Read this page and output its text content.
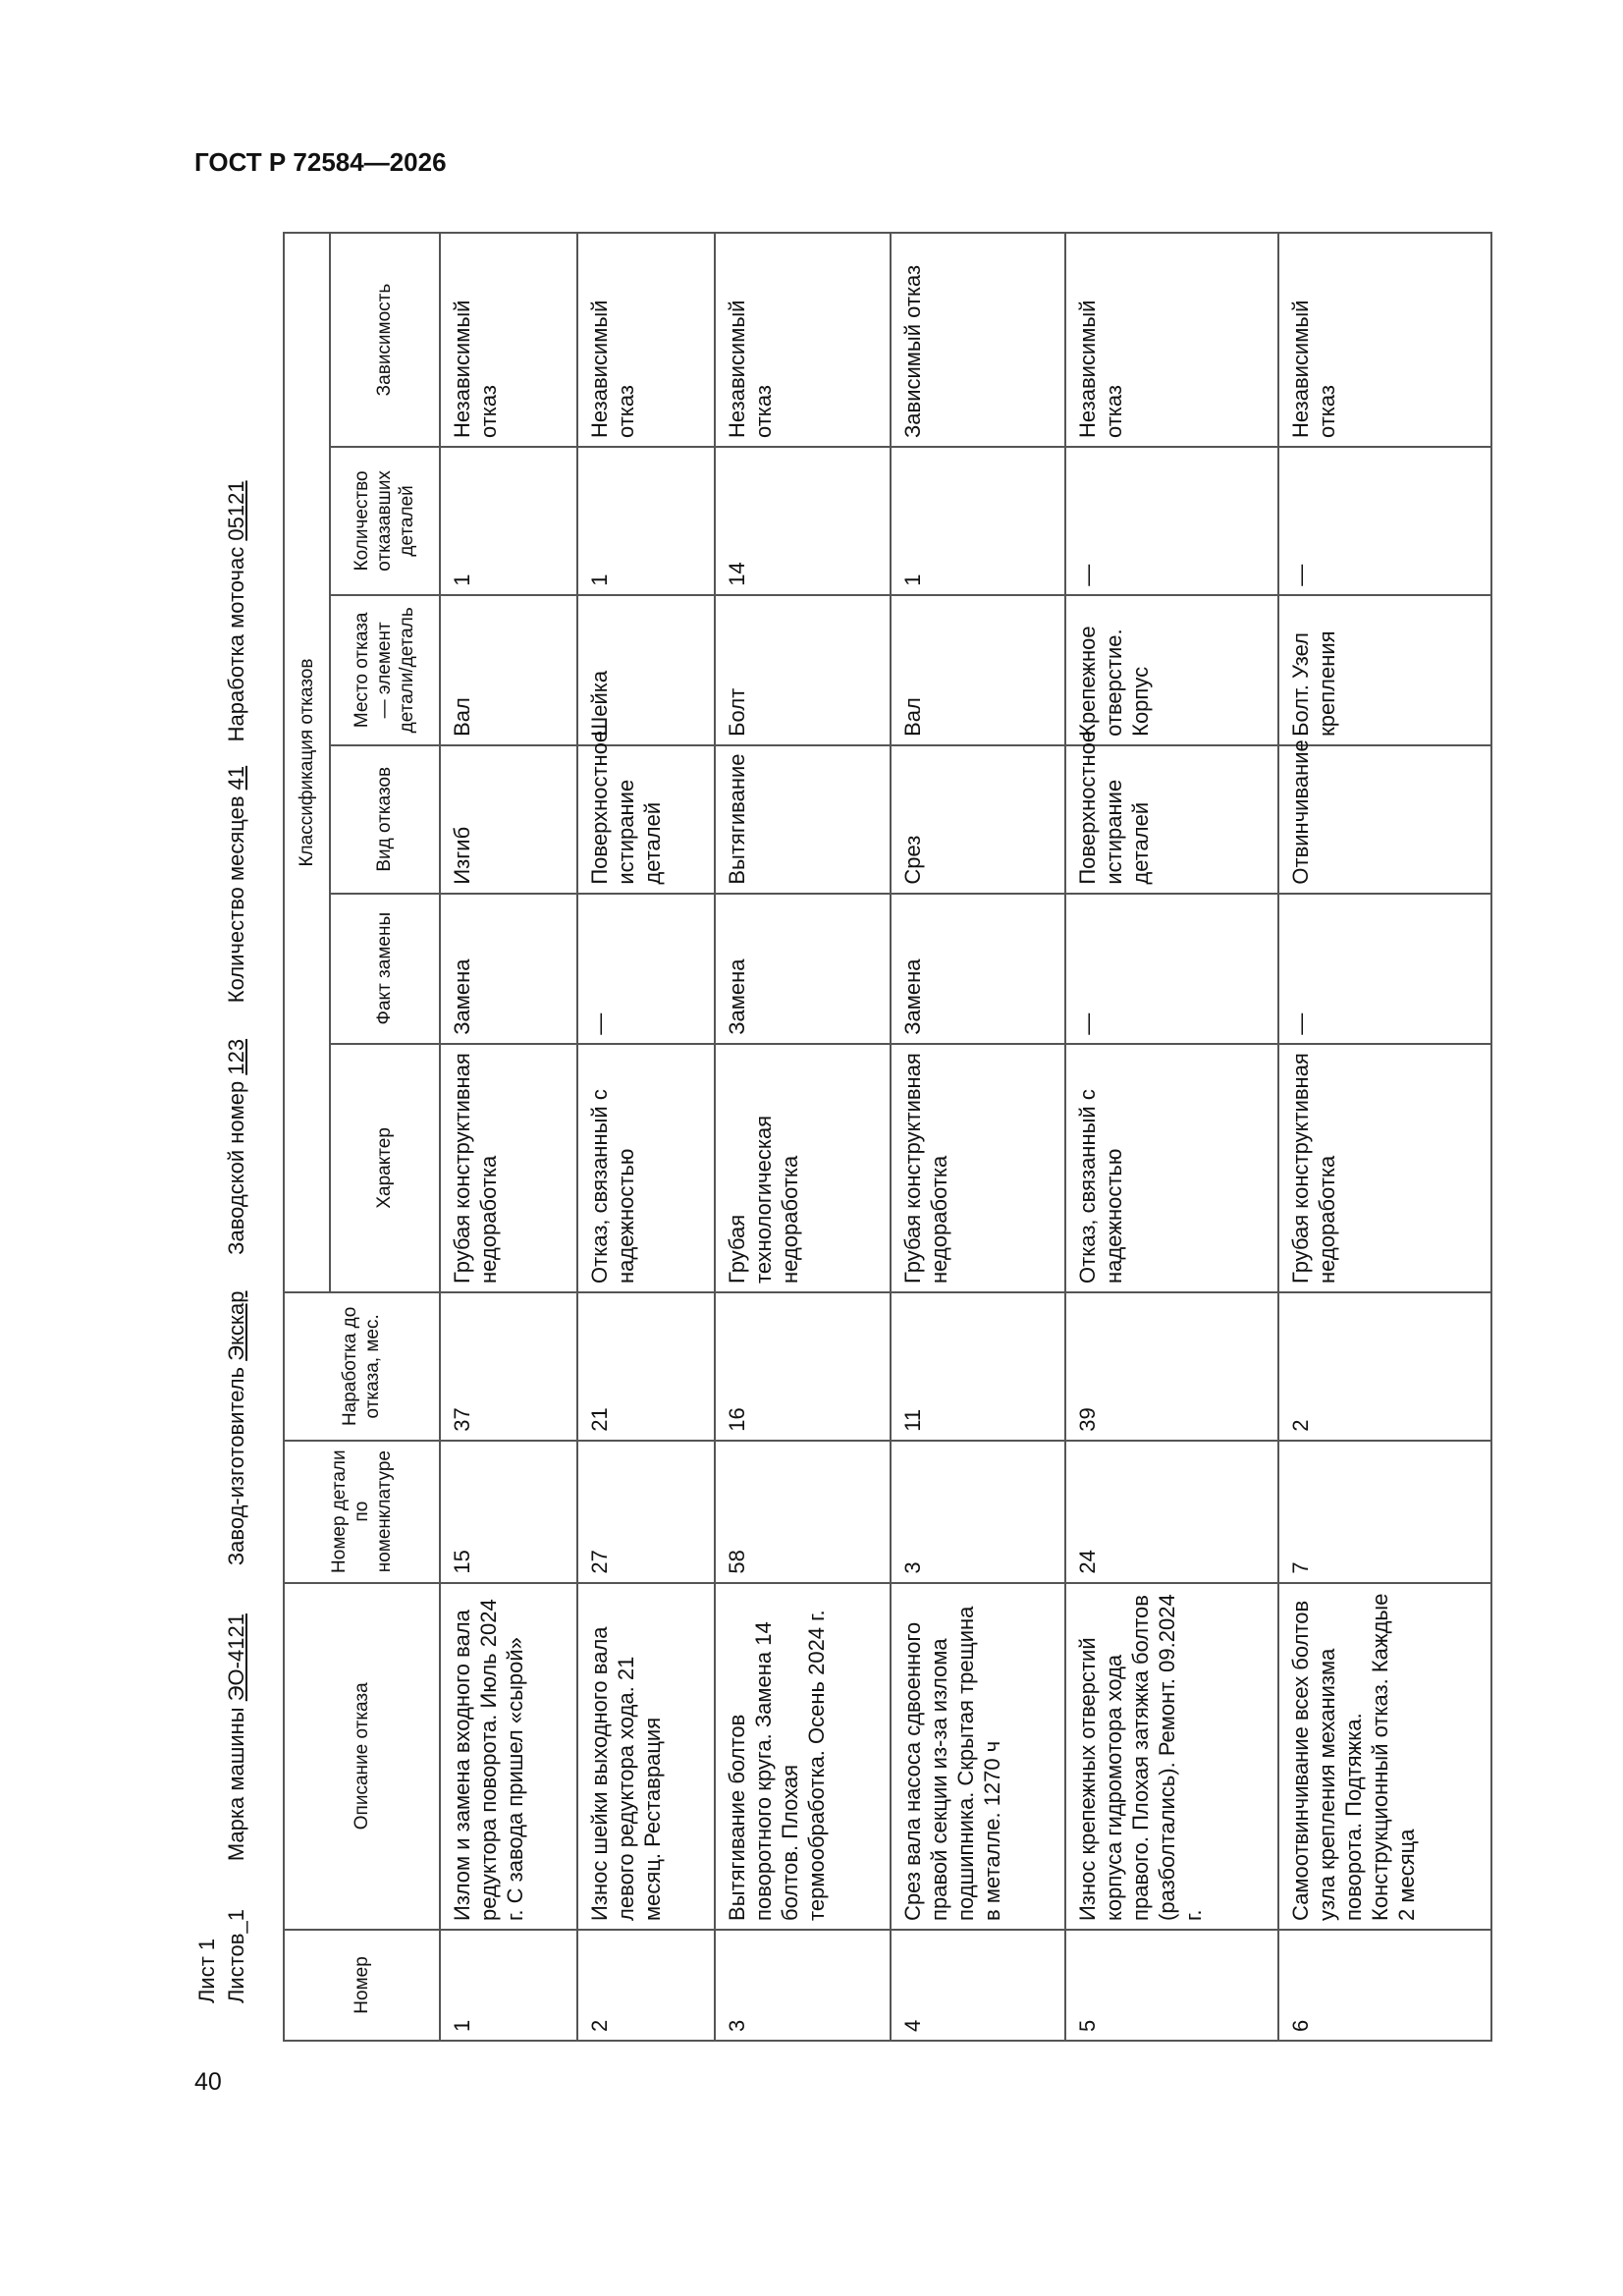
ГОСТ Р 72584—2026
40
Лист 1 Листов_1        Марка машины ЭО-4121        Завод-изготовитель Экскар      Заводской номер 123      Количество месяцев 41    Наработка моточас 05121
Номер	Описание отказа	Номер детали по номенклатуре	Наработка до отказа, мес.	Классификация отказов					
				Характер	Факт замены	Вид отказов	Место отказа — элемент детали/деталь	Количество отказавших деталей	Зависимость
1	Излом и замена входного вала редуктора поворота. Июль 2024 г. С завода пришел «сырой»	15	37	Грубая конструктивная недоработка	Замена	Изгиб	Вал	1	Независимый отказ
2	Износ шейки выходного вала левого редуктора хода. 21 месяц. Реставрация	27	21	Отказ, связанный с надежностью	—	Поверхностное истирание деталей	Шейка	1	Независимый отказ
3	Вытягивание болтов поворотного круга. Замена 14 болтов. Плохая термообработка. Осень 2024 г.	58	16	Грубая технологическая недоработка	Замена	Вытягивание	Болт	14	Независимый отказ
4	Срез вала насоса сдвоенного правой секции из-за излома подшипника. Скрытая трещина в металле. 1270 ч	3	11	Грубая конструктивная недоработка	Замена	Срез	Вал	1	Зависимый отказ
5	Износ крепежных отверстий корпуса гидромотора хода правого. Плохая затяжка болтов (разболтались). Ремонт. 09.2024 г.	24	39	Отказ, связанный с надежностью	—	Поверхностное истирание деталей	Крепежное отверстие. Корпус	—	Независимый отказ
6	Самоотвинчивание всех болтов узла крепления механизма поворота. Подтяжка. Конструкционный отказ. Каждые 2 месяца	7	2	Грубая конструктивная недоработка	—	Отвинчивание	Болт. Узел крепления	—	Независимый отказ
